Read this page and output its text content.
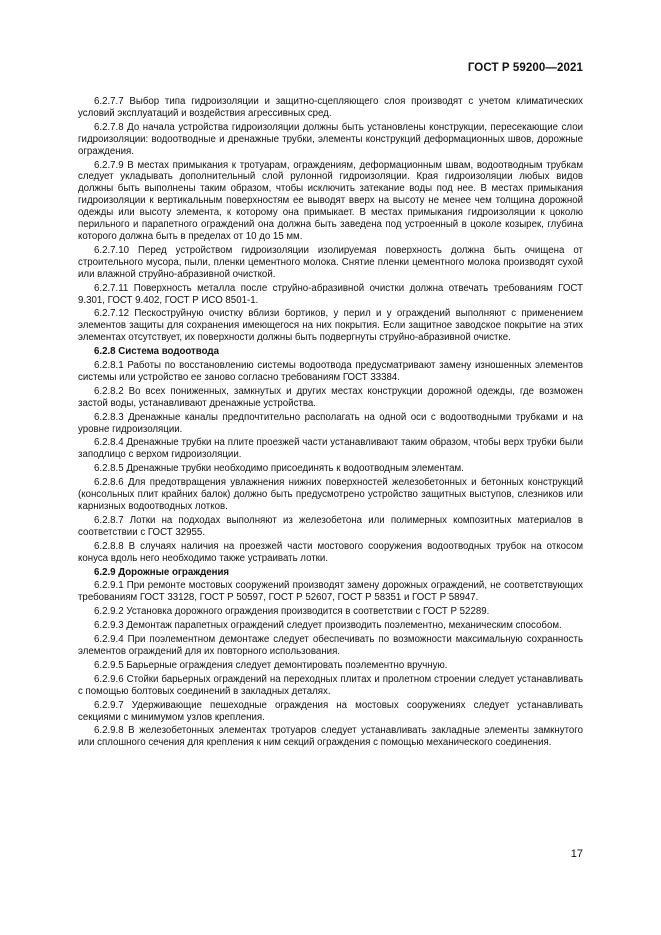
ГОСТ Р 59200—2021

6.2.7.7 Выбор типа гидроизоляции и защитно-сцепляющего слоя производят с учетом климатических условий эксплуатаций и воздействия агрессивных сред.

6.2.7.8 До начала устройства гидроизоляции должны быть установлены конструкции, пересекающие слои гидроизоляции: водоотводные и дренажные трубки, элементы конструкций деформационных швов, дорожные ограждения.

6.2.7.9 В местах примыкания к тротуарам, ограждениям, деформационным швам, водоотводным трубкам следует укладывать дополнительный слой рулонной гидроизоляции. Края гидроизоляции любых видов должны быть выполнены таким образом, чтобы исключить затекание воды под нее. В местах примыкания гидроизоляции к вертикальным поверхностям ее выводят вверх на высоту не менее чем толщина дорожной одежды или высоту элемента, к которому она примыкает. В местах примыкания гидроизоляции к цоколю перильного и парапетного ограждений она должна быть заведена под устроенный в цоколе козырек, глубина которого должна быть в пределах от 10 до 15 мм.

6.2.7.10 Перед устройством гидроизоляции изолируемая поверхность должна быть очищена от строительного мусора, пыли, пленки цементного молока. Снятие пленки цементного молока производят сухой или влажной струйно-абразивной очисткой.

6.2.7.11 Поверхность металла после струйно-абразивной очистки должна отвечать требованиям ГОСТ 9.301, ГОСТ 9.402, ГОСТ Р ИСО 8501-1.

6.2.7.12 Пескоструйную очистку вблизи бортиков, у перил и у ограждений выполняют с применением элементов защиты для сохранения имеющегося на них покрытия. Если защитное заводское покрытие на этих элементах отсутствует, их поверхности должны быть подвергнуты струйно-абразивной очистке.

6.2.8 Система водоотвода

6.2.8.1 Работы по восстановлению системы водоотвода предусматривают замену изношенных элементов системы или устройство ее заново согласно требованиям ГОСТ 33384.

6.2.8.2 Во всех пониженных, замкнутых и других местах конструкции дорожной одежды, где возможен застой воды, устанавливают дренажные устройства.

6.2.8.3 Дренажные каналы предпочтительно располагать на одной оси с водоотводными трубками и на уровне гидроизоляции.

6.2.8.4 Дренажные трубки на плите проезжей части устанавливают таким образом, чтобы верх трубки были заподлицо с верхом гидроизоляции.

6.2.8.5 Дренажные трубки необходимо присоединять к водоотводным элементам.

6.2.8.6 Для предотвращения увлажнения нижних поверхностей железобетонных и бетонных конструкций (консольных плит крайних балок) должно быть предусмотрено устройство защитных выступов, слезников или карнизных водоотводных лотков.

6.2.8.7 Лотки на подходах выполняют из железобетона или полимерных композитных материалов в соответствии с ГОСТ 32955.

6.2.8.8 В случаях наличия на проезжей части мостового сооружения водоотводных трубок на откосом конуса вдоль него необходимо также устраивать лотки.

6.2.9 Дорожные ограждения

6.2.9.1 При ремонте мостовых сооружений производят замену дорожных ограждений, не соответствующих требованиям ГОСТ 33128, ГОСТ Р 50597, ГОСТ Р 52607, ГОСТ Р 58351 и ГОСТ Р 58947.

6.2.9.2 Установка дорожного ограждения производится в соответствии с ГОСТ Р 52289.

6.2.9.3 Демонтаж парапетных ограждений следует производить поэлементно, механическим способом.

6.2.9.4 При поэлементном демонтаже следует обеспечивать по возможности максимальную сохранность элементов ограждений для их повторного использования.

6.2.9.5 Барьерные ограждения следует демонтировать поэлементно вручную.

6.2.9.6 Стойки барьерных ограждений на переходных плитах и пролетном строении следует устанавливать с помощью болтовых соединений в закладных деталях.

6.2.9.7 Удерживающие пешеходные ограждения на мостовых сооружениях следует устанавливать секциями с минимумом узлов крепления.

6.2.9.8 В железобетонных элементах тротуаров следует устанавливать закладные элементы замкнутого или сплошного сечения для крепления к ним секций ограждения с помощью механического соединения.

17
